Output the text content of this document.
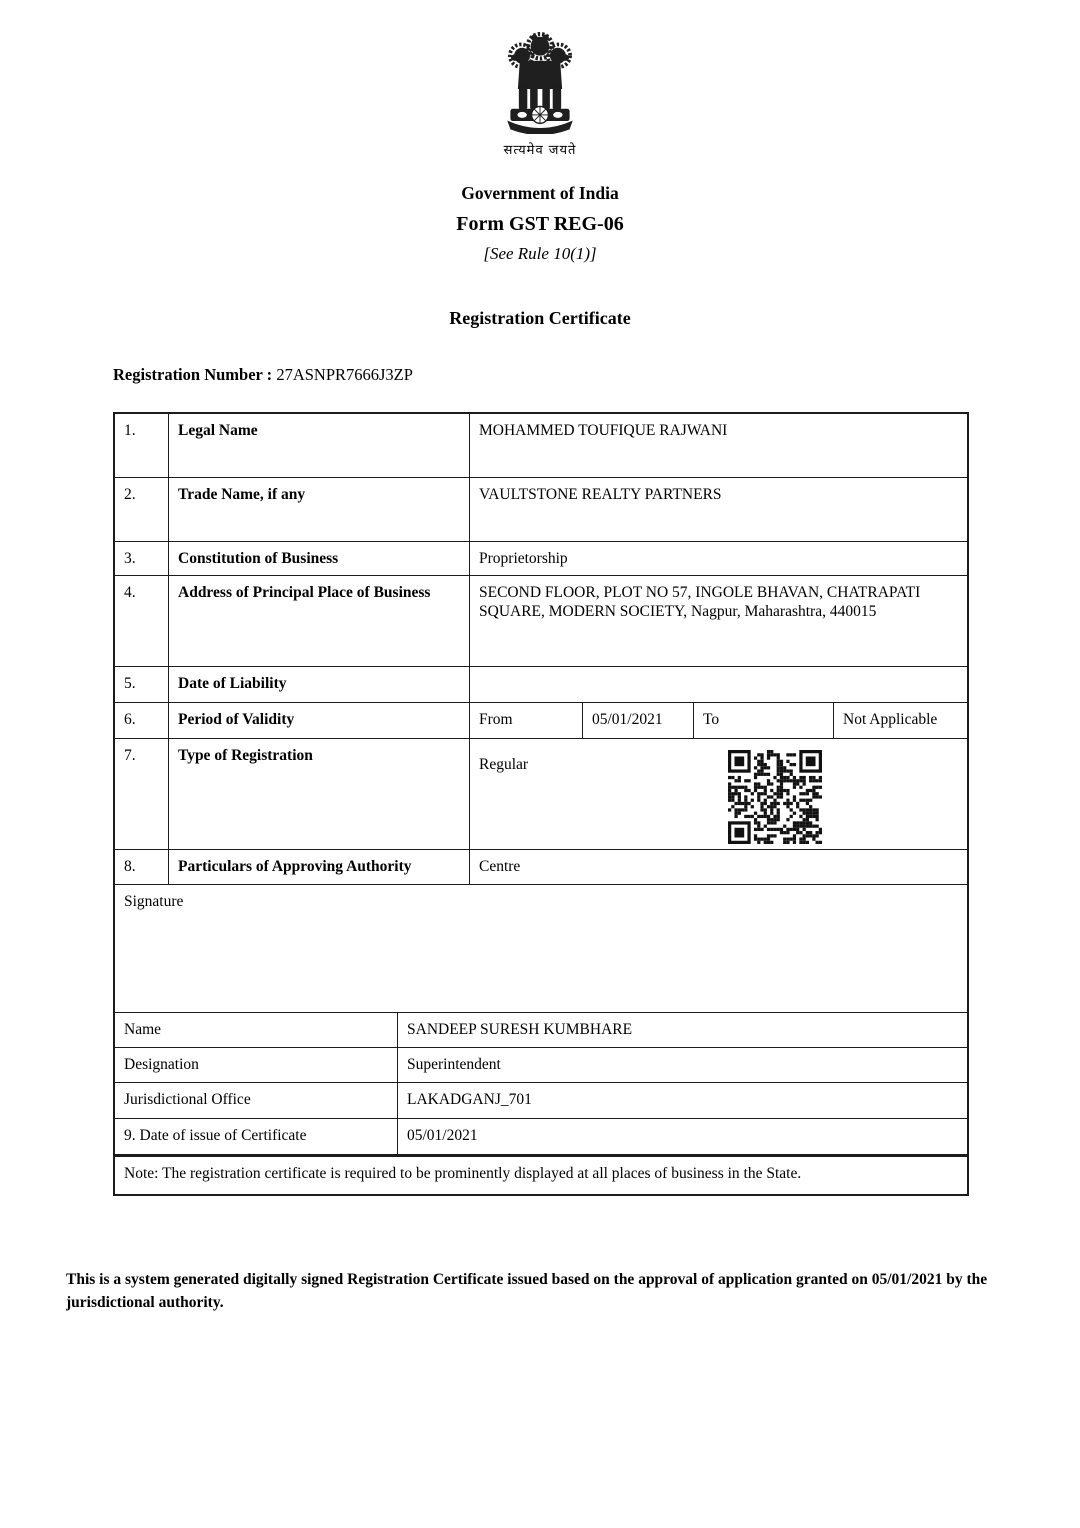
सत्यमेव जयते
Government of India
Form GST REG-06
[See Rule 10(1)]
Registration Certificate
Registration Number : 27ASNPR7666J3ZP
1.	Legal Name	MOHAMMED TOUFIQUE RAJWANI
2.	Trade Name, if any	VAULTSTONE REALTY PARTNERS
3.	Constitution of Business	Proprietorship
4.	Address of Principal Place of Business	SECOND FLOOR, PLOT NO 57, INGOLE BHAVAN, CHATRAPATI SQUARE, MODERN SOCIETY, Nagpur, Maharashtra, 440015
5.	Date of Liability
6.	Period of Validity	From	05/01/2021	To	Not Applicable
7.	Type of Registration
Regular
8.	Particulars of Approving Authority	Centre
Signature
Name	SANDEEP SURESH KUMBHARE
Designation	Superintendent
Jurisdictional Office	LAKADGANJ_701
9. Date of issue of Certificate	05/01/2021
Note: The registration certificate is required to be prominently displayed at all places of business in the State.
This is a system generated digitally signed Registration Certificate issued based on the approval of application granted on 05/01/2021 by the jurisdictional authority.
